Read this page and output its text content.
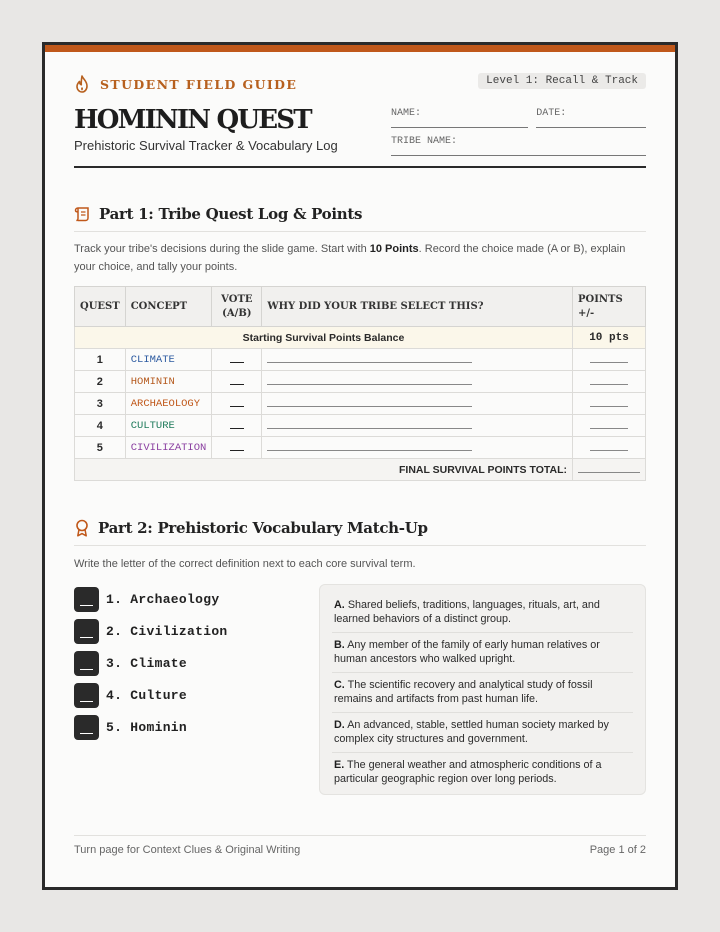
STUDENT FIELD GUIDE	Level 1: Recall & Track
HOMININ QUEST
Prehistoric Survival Tracker & Vocabulary Log
NAME:	DATE:
TRIBE NAME:
Part 1: Tribe Quest Log & Points

Track your tribe's decisions during the slide game. Start with 10 Points. Record the choice made (A or B), explain your choice, and tally your points.

QUEST	CONCEPT	VOTE (A/B)	WHY DID YOUR TRIBE SELECT THIS?	POINTS +/-
Starting Survival Points Balance				10 pts
1	CLIMATE			
2	HOMININ			
3	ARCHAEOLOGY			
4	CULTURE			
5	CIVILIZATION			
FINAL SURVIVAL POINTS TOTAL:				
Part 2: Prehistoric Vocabulary Match-Up

Write the letter of the correct definition next to each core survival term.

1. Archaeology
2. Civilization
3. Climate
4. Culture
5. Hominin
A. Shared beliefs, traditions, languages, rituals, art, and learned behaviors of a distinct group.
B. Any member of the family of early human relatives or human ancestors who walked upright.
C. The scientific recovery and analytical study of fossil remains and artifacts from past human life.
D. An advanced, stable, settled human society marked by complex city structures and government.
E. The general weather and atmospheric conditions of a particular geographic region over long periods.
Turn page for Context Clues & Original Writing	Page 1 of 2
